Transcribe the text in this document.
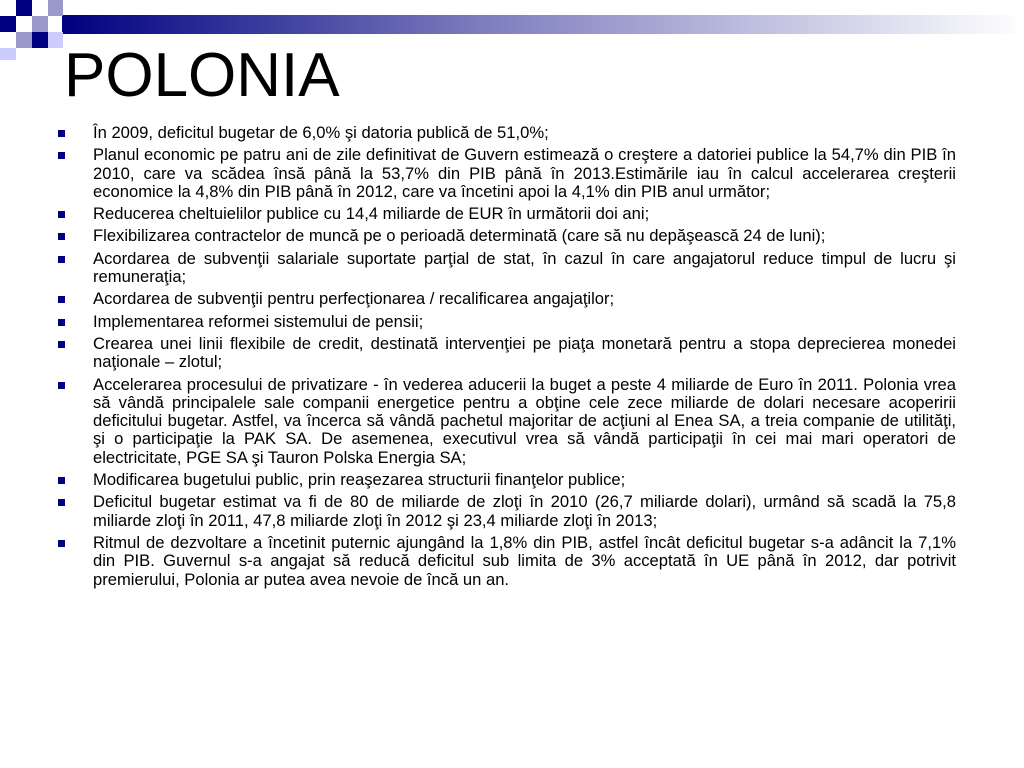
POLONIA
În 2009, deficitul bugetar de 6,0% şi datoria publică de 51,0%;
Planul economic pe patru ani de zile definitivat de Guvern estimează o creştere a datoriei publice la 54,7% din PIB în 2010, care va scădea însă până la 53,7% din PIB până în 2013.Estimările iau în calcul accelerarea creşterii economice la 4,8% din PIB până în 2012, care va încetini apoi la 4,1% din PIB anul următor;
Reducerea cheltuielilor publice cu 14,4 miliarde de EUR în următorii doi ani;
Flexibilizarea contractelor de muncă pe o perioadă determinată (care să nu depăşească 24 de luni);
Acordarea de subvenţii salariale suportate parţial de stat, în cazul în care angajatorul reduce timpul de lucru şi remuneraţia;
Acordarea de subvenţii pentru perfecţionarea / recalificarea angajaţilor;
Implementarea reformei sistemului de pensii;
Crearea unei linii flexibile de credit, destinată intervenţiei pe piaţa monetară pentru a stopa deprecierea monedei naţionale – zlotul;
Accelerarea procesului de privatizare - în vederea aducerii la buget a peste 4 miliarde de Euro în 2011. Polonia vrea să vândă principalele sale companii energetice pentru a obţine cele zece miliarde de dolari necesare acoperirii deficitului bugetar. Astfel, va încerca să vândă pachetul majoritar de acţiuni al Enea SA, a treia companie de utilităţi, şi o participaţie la PAK SA. De asemenea, executivul vrea să vândă participaţii în cei mai mari operatori de electricitate, PGE SA şi Tauron Polska Energia SA;
Modificarea bugetului public, prin reaşezarea structurii finanţelor publice;
Deficitul bugetar estimat va fi de 80 de miliarde de zloţi în 2010 (26,7 miliarde dolari), urmând să scadă la 75,8 miliarde zloţi în 2011, 47,8 miliarde zloţi în 2012 şi 23,4 miliarde zloţi în 2013;
Ritmul de dezvoltare a încetinit puternic ajungând la 1,8% din PIB, astfel încât deficitul bugetar s-a adâncit la 7,1% din PIB. Guvernul s-a angajat să reducă deficitul sub limita de 3% acceptată în UE până în 2012, dar potrivit premierului, Polonia ar putea avea nevoie de încă un an.
